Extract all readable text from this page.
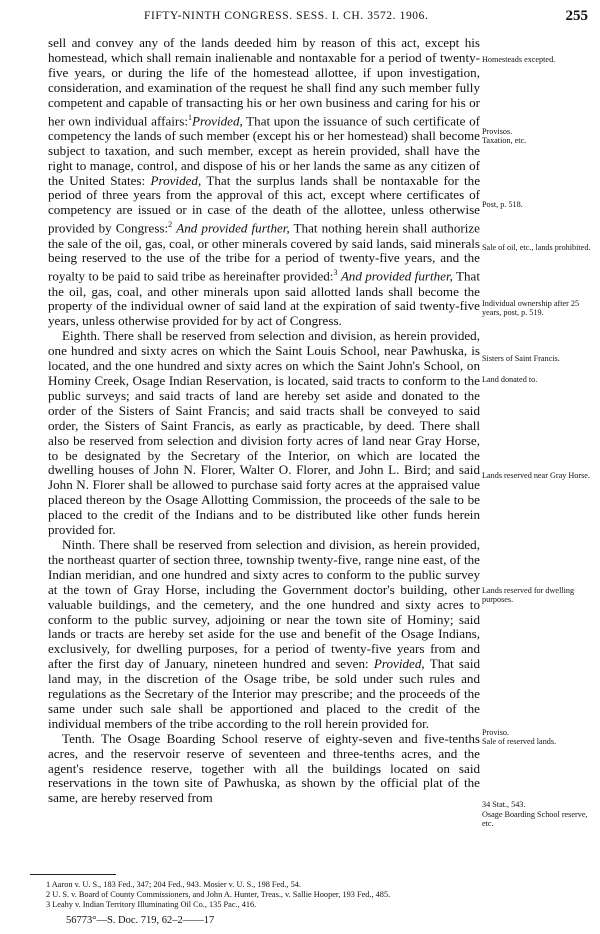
FIFTY-NINTH CONGRESS. SESS. I. CH. 3572. 1906.	255

sell and convey any of the lands deeded him by reason of this act, except his homestead, which shall remain inalienable and nontaxable for a period of twenty-five years, or during the life of the homestead allottee, if upon investigation, consideration, and examination of the request he shall find any such member fully competent and capable of transacting his or her own business and caring for his or her own individual affairs:$^1$Provided, That upon the issuance of such certificate of competency the lands of such member (except his or her homestead) shall become subject to taxation, and such member, except as herein provided, shall have the right to manage, control, and dispose of his or her lands the same as any citizen of the United States: Provided, That the surplus lands shall be nontaxable for the period of three years from the approval of this act, except where certificates of competency are issued or in case of the death of the allottee, unless otherwise provided by Congress:$^2$ And provided further, That nothing herein shall authorize the sale of the oil, gas, coal, or other minerals covered by said lands, said minerals being reserved to the use of the tribe for a period of twenty-five years, and the royalty to be paid to said tribe as hereinafter provided:$^3$ And provided further, That the oil, gas, coal, and other minerals upon said allotted lands shall become the property of the individual owner of said land at the expiration of said twenty-five years, unless otherwise provided for by act of Congress.

Eighth. There shall be reserved from selection and division, as herein provided, one hundred and sixty acres on which the Saint Louis School, near Pawhuska, is located, and the one hundred and sixty acres on which the Saint John's School, on Hominy Creek, Osage Indian Reservation, is located, said tracts to conform to the public surveys; and said tracts of land are hereby set aside and donated to the order of the Sisters of Saint Francis; and said tracts shall be conveyed to said order, the Sisters of Saint Francis, as early as practicable, by deed. There shall also be reserved from selection and division forty acres of land near Gray Horse, to be designated by the Secretary of the Interior, on which are located the dwelling houses of John N. Florer, Walter O. Florer, and John L. Bird; and said John N. Florer shall be allowed to purchase said forty acres at the appraised value placed thereon by the Osage Allotting Commission, the proceeds of the sale to be placed to the credit of the Indians and to be distributed like other funds herein provided for.

Ninth. There shall be reserved from selection and division, as herein provided, the northeast quarter of section three, township twenty-five, range nine east, of the Indian meridian, and one hundred and sixty acres to conform to the public survey at the town of Gray Horse, including the Government doctor's building, other valuable buildings, and the cemetery, and the one hundred and sixty acres to conform to the public survey, adjoining or near the town site of Hominy; said lands or tracts are hereby set aside for the use and benefit of the Osage Indians, exclusively, for dwelling purposes, for a period of twenty-five years from and after the first day of January, nineteen hundred and seven: Provided, That said land may, in the discretion of the Osage tribe, be sold under such rules and regulations as the Secretary of the Interior may prescribe; and the proceeds of the same under such sale shall be apportioned and placed to the credit of the individual members of the tribe according to the roll herein provided for.

Tenth. The Osage Boarding School reserve of eighty-seven and five-tenths acres, and the reservoir reserve of seventeen and three-tenths acres, and the agent's residence reserve, together with all the buildings located on said reservations in the town site of Pawhuska, as shown by the official plat of the same, are hereby reserved from

Homesteads excepted.
Provisos.
Taxation, etc.
Post, p. 518.
Sale of oil, etc., lands prohibited.
Individual ownership after 25 years, post, p. 519.
Sisters of Saint Francis.
Land donated to.
Lands reserved near Gray Horse.
Lands reserved for dwelling purposes.
Proviso.
Sale of reserved lands.
34 Stat., 543.
Osage Boarding School reserve, etc.
1 Aaron v. U. S., 183 Fed., 347; 204 Fed., 943. Mosier v. U. S., 198 Fed., 54.
2 U. S. v. Board of County Commissioners, and John A. Hunter, Treas., v. Sallie Hooper, 193 Fed., 485.
3 Leahy v. Indian Territory Illuminating Oil Co., 135 Pac., 416.
56773°—S. Doc. 719, 62–2——17
